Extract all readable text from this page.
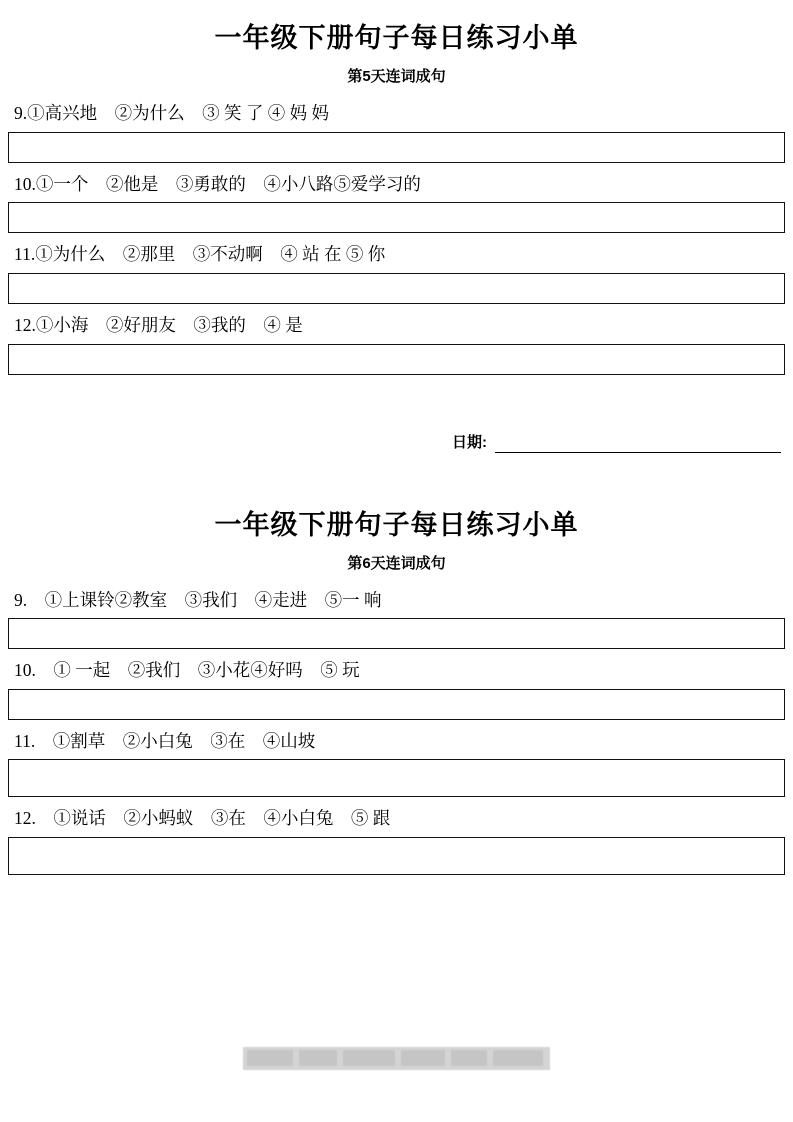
一年级下册句子每日练习小单
第5天连词成句
9.①高兴地　②为什么　③ 笑 了 ④ 妈 妈
10.①一个　②他是　③勇敢的　④小八路⑤爱学习的
11.①为什么　②那里　③不动啊　④ 站 在 ⑤ 你
12.①小海　②好朋友　③我的　④ 是
日期:
一年级下册句子每日练习小单
第6天连词成句
9.　①上课铃②教室　③我们　④走进　⑤一 响
10.　① 一起　②我们　③小花④好吗　⑤ 玩
11.　①割草　②小白兔　③在　④山坡
12.　①说话　②小蚂蚁　③在　④小白兔　⑤ 跟
